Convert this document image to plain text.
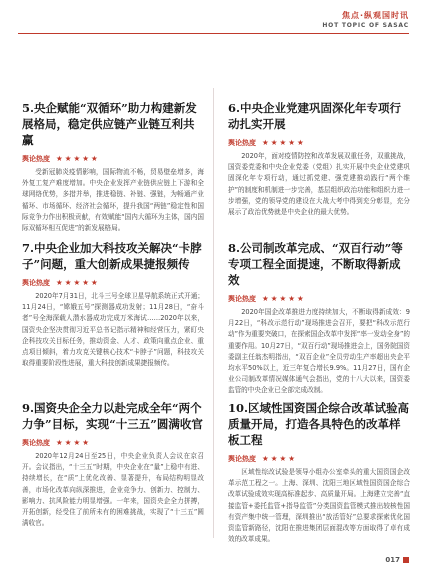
焦点·纵观国时讯
HOT TOPIC OF SASAC
5.央企赋能“双循环”助力构建新发展格局，稳定供应链产业链互利共赢
舆论热度 ★ ★ ★ ★ ★
受新冠肺炎疫情影响，国际物流不畅，贸易壁垒增多，海外复工复产难度增加。中央企业发挥产业链供应链上下游和全球网络优势，多措并举，推进稳链、补链、强链，为畅通产业循环、市场循环、经济社会循环，提升我国“两链”稳定性和国际竞争力作出积极贡献，有效赋能“国内大循环为主体，国内国际双循环相互促进”的新发展格局。
6.中央企业党建巩固深化年专项行动扎实开展
舆论热度 ★ ★ ★ ★ ★
2020年，面对疫情防控和改革发展双重任务，双重挑战，国资委党委和中央企业党委（党组）扎实开展中央企业党建巩固深化年专项行动，通过抓党建、强党建推动践行“两个维护”的制度和机制进一步完善，基层组织政治功能和组织力进一步增强，党的领导党的建设在大战大考中得到充分彰显，充分展示了政治优势就是中央企业的最大优势。
7.中央企业加大科技攻关解决“卡脖子”问题，重大创新成果捷报频传
舆论热度 ★ ★ ★ ★ ★
2020年7月31日，北斗三号全球卫星导航系统正式开通；11月24日，“嫦娥五号”探测器成功发射；11月28日，“奋斗者”号全海深载人潜水器成功完成万米海试……2020年以来，国资央企坚决贯彻习近平总书记指示精神和经营压力，紧盯央企科技攻关目标任务，推动资金、人才、政策向重点企业、重点项目倾斜，着力攻克关键核心技术“卡脖子”问题，科技攻关取得重要阶段性进展，重大科技创新成果捷报频传。
8.公司制改革完成、“双百行动”等专项工程全面提速，不断取得新成效
舆论热度 ★ ★ ★ ★ ★
2020年国企改革推进力度持续加大，不断取得新成效：9月22日，“科改示范行动”现场推进会召开，要把“科改示范行动”作为重要突破口，在探索国企改革中发挥“率一发动全身”的重要作用。10月27日，“双百行动”现场推进会上，国务院国资委副主任翁杰明指出，“双百企业”全员劳动生产率超出央企平均水平50%以上，近三年复合增长9.9%。11月27日，国有企业公司制改革情况媒体通气会指出，党的十八大以来，国资委监管的中央企业已全部完成改制。
9.国资央企全力以赴完成全年“两个力争”目标，实现“十三五”圆满收官
舆论热度 ★ ★ ★ ★
2020年12月24日至25日，中央企业负责人会议在京召开。会议指出，“十三五”时期，中央企业在“量”上稳中有进、持续增长，在“质”上优化改善、显著提升，布局结构明显改善，市场化改革向纵深推进，企业竞争力、创新力、控制力、影响力、抗风险能力明显增强。一年来，国资央企全力拼搏，开拓创新，经受住了前所未有的困难挑战，实现了“十三五”圆满收官。
10.区域性国资国企综合改革试验高质量开局，打造各具特色的改革样板工程
舆论热度 ★ ★ ★ ★
区域性综改试验是领导小组办公室牵头的重大国资国企改革示范工程之一。上海、深圳、沈阳三地区域性国资国企综合改革试验成效实现高标准起步、高质量开局。上海建立完善“直接监管+委托监管+指导监管”分类国资监管模式推出较核性国有资产集中统一管理，深圳推出“放活管好”总要求探索优化国资监管新路径，沈阳在推进集团层面混改等方面取得了卓有成效的改革成果。
017
